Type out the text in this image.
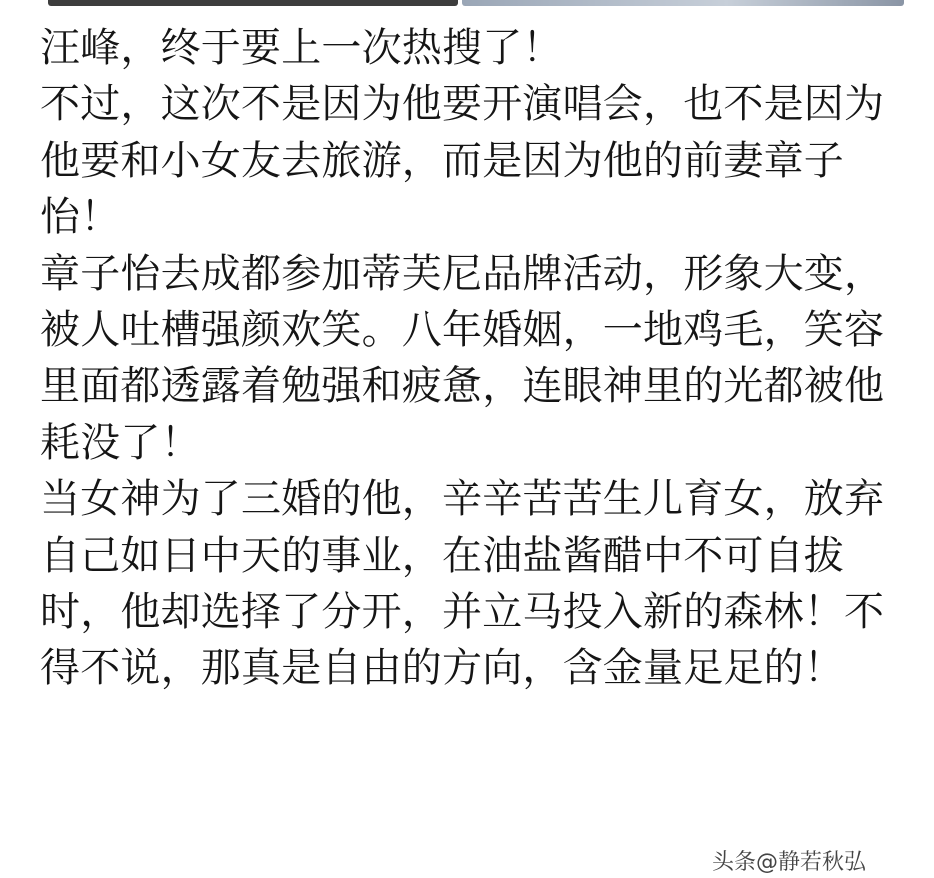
汪峰，终于要上一次热搜了！

不过，这次不是因为他要开演唱会，也不是因为他要和小女友去旅游，而是因为他的前妻章子怡！

章子怡去成都参加蒂芙尼品牌活动，形象大变，被人吐槽强颜欢笑。八年婚姻，一地鸡毛，笑容里面都透露着勉强和疲惫，连眼神里的光都被他耗没了！

当女神为了三婚的他，辛辛苦苦生儿育女，放弃自己如日中天的事业，在油盐酱醋中不可自拔时，他却选择了分开，并立马投入新的森林！不得不说，那真是自由的方向，含金量足足的！

头条@静若秋弘
